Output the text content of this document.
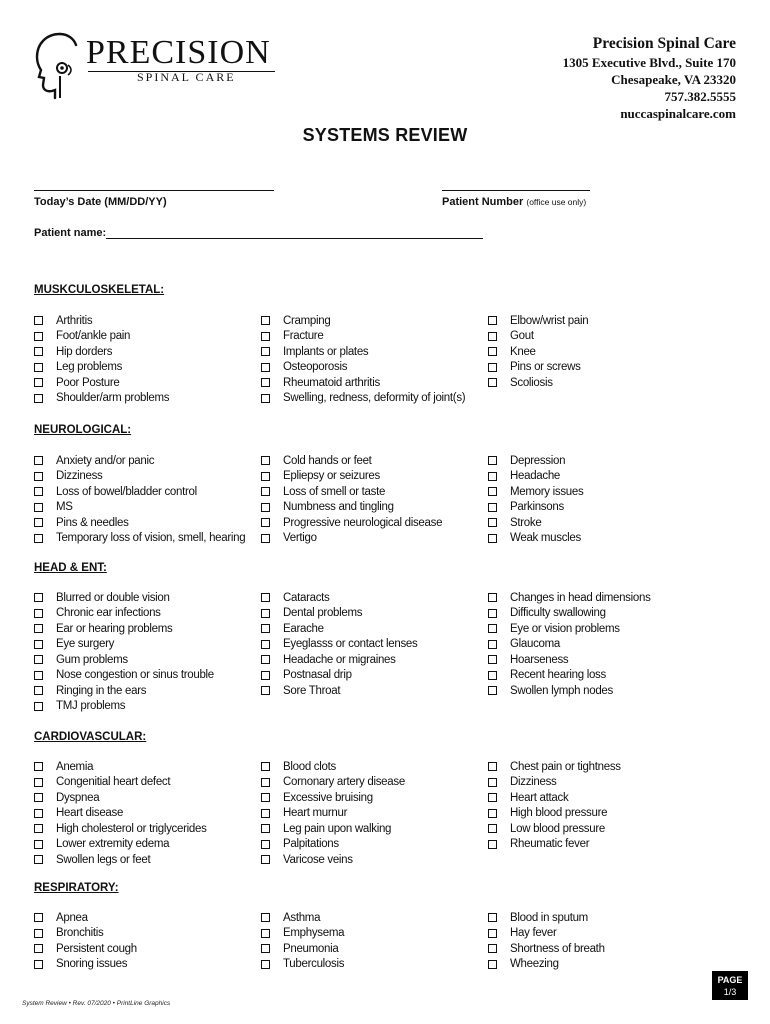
PRECISION
SPINAL CARE
Precision Spinal Care
1305 Executive Blvd., Suite 170
Chesapeake, VA 23320
757.382.5555
nuccaspinalcare.com
SYSTEMS REVIEW
Today’s Date (MM/DD/YY)	Patient Number (office use only)
Patient name:
MUSKCULOSKELETAL:
Arthritis
Foot/ankle pain
Hip dorders
Leg problems
Poor Posture
Shoulder/arm problems
Cramping
Fracture
Implants or plates
Osteoporosis
Rheumatoid arthritis
Swelling, redness, deformity of joint(s)
Elbow/wrist pain
Gout
Knee
Pins or screws
Scoliosis
NEUROLOGICAL:
Anxiety and/or panic
Dizziness
Loss of bowel/bladder control
MS
Pins & needles
Temporary loss of vision, smell, hearing
Cold hands or feet
Epliepsy or seizures
Loss of smell or taste
Numbness and tingling
Progressive neurological disease
Vertigo
Depression
Headache
Memory issues
Parkinsons
Stroke
Weak muscles
HEAD & ENT:
Blurred or double vision
Chronic ear infections
Ear or hearing problems
Eye surgery
Gum problems
Nose congestion or sinus trouble
Ringing in the ears
TMJ problems
Cataracts
Dental problems
Earache
Eyeglasss or contact lenses
Headache or migraines
Postnasal drip
Sore Throat
Changes in head dimensions
Difficulty swallowing
Eye or vision problems
Glaucoma
Hoarseness
Recent hearing loss
Swollen lymph nodes
CARDIOVASCULAR:
Anemia
Congenitial heart defect
Dyspnea
Heart disease
High cholesterol or triglycerides
Lower extremity edema
Swollen legs or feet
Blood clots
Cornonary artery disease
Excessive bruising
Heart murnur
Leg pain upon walking
Palpitations
Varicose veins
Chest pain or tightness
Dizziness
Heart attack
High blood pressure
Low blood pressure
Rheumatic fever
RESPIRATORY:
Apnea
Bronchitis
Persistent cough
Snoring issues
Asthma
Emphysema
Pneumonia
Tuberculosis
Blood in sputum
Hay fever
Shortness of breath
Wheezing
System Review • Rev. 07/2020 • PrintLine Graphics
PAGE
1/3
